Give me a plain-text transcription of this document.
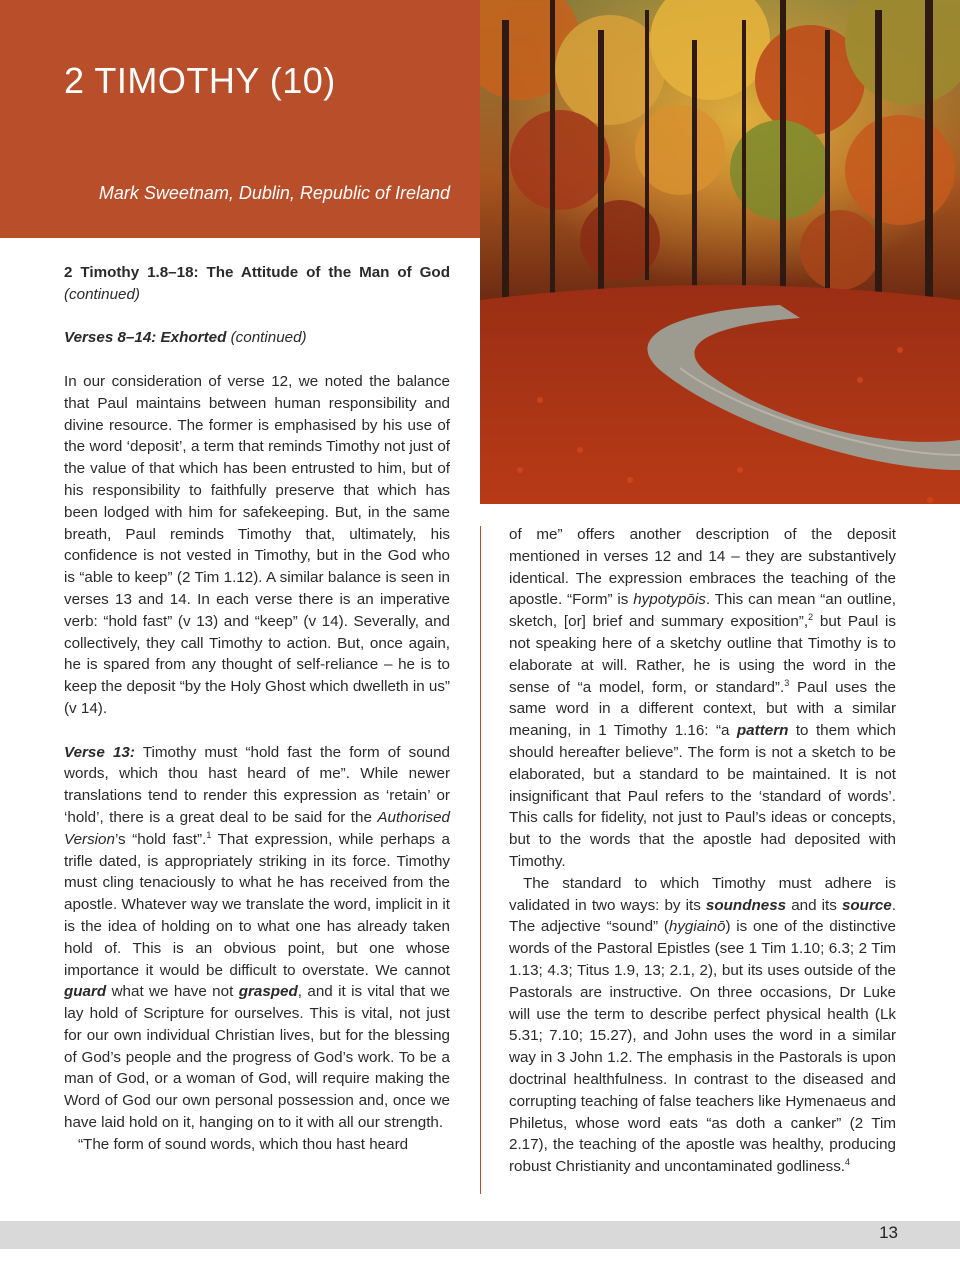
2 TIMOTHY (10)
Mark Sweetnam, Dublin, Republic of Ireland

2 Timothy 1.8–18: The Attitude of the Man of God (continued)

Verses 8–14: Exhorted (continued)

In our consideration of verse 12, we noted the balance that Paul maintains between human responsibility and divine resource. The former is emphasised by his use of the word ‘deposit’, a term that reminds Timothy not just of the value of that which has been entrusted to him, but of his responsibility to faithfully preserve that which has been lodged with him for safekeeping. But, in the same breath, Paul reminds Timothy that, ultimately, his confidence is not vested in Timothy, but in the God who is “able to keep” (2 Tim 1.12). A similar balance is seen in verses 13 and 14. In each verse there is an imperative verb: “hold fast” (v 13) and “keep” (v 14). Severally, and collectively, they call Timothy to action. But, once again, he is spared from any thought of self-reliance – he is to keep the deposit “by the Holy Ghost which dwelleth in us” (v 14).

Verse 13: Timothy must “hold fast the form of sound words, which thou hast heard of me”. While newer translations tend to render this expression as ‘retain’ or ‘hold’, there is a great deal to be said for the Authorised Version’s “hold fast”.$^1$ That expression, while perhaps a trifle dated, is appropriately striking in its force. Timothy must cling tenaciously to what he has received from the apostle. Whatever way we translate the word, implicit in it is the idea of holding on to what one has already taken hold of. This is an obvious point, but one whose importance it would be difficult to overstate. We cannot guard what we have not grasped, and it is vital that we lay hold of Scripture for ourselves. This is vital, not just for our own individual Christian lives, but for the blessing of God’s people and the progress of God’s work. To be a man of God, or a woman of God, will require making the Word of God our own personal possession and, once we have laid hold on it, hanging on to it with all our strength.

“The form of sound words, which thou hast heard

of me” offers another description of the deposit mentioned in verses 12 and 14 – they are substantively identical. The expression embraces the teaching of the apostle. “Form” is hypotypōis. This can mean “an outline, sketch, [or] brief and summary exposition”,$^2$ but Paul is not speaking here of a sketchy outline that Timothy is to elaborate at will. Rather, he is using the word in the sense of “a model, form, or standard”.$^3$ Paul uses the same word in a different context, but with a similar meaning, in 1 Timothy 1.16: “a pattern to them which should hereafter believe”. The form is not a sketch to be elaborated, but a standard to be maintained. It is not insignificant that Paul refers to the ‘standard of words’. This calls for fidelity, not just to Paul’s ideas or concepts, but to the words that the apostle had deposited with Timothy.

The standard to which Timothy must adhere is validated in two ways: by its soundness and its source. The adjective “sound” (hygiainō) is one of the distinctive words of the Pastoral Epistles (see 1 Tim 1.10; 6.3; 2 Tim 1.13; 4.3; Titus 1.9, 13; 2.1, 2), but its uses outside of the Pastorals are instructive. On three occasions, Dr Luke will use the term to describe perfect physical health (Lk 5.31; 7.10; 15.27), and John uses the word in a similar way in 3 John 1.2. The emphasis in the Pastorals is upon doctrinal healthfulness. In contrast to the diseased and corrupting teaching of false teachers like Hymenaeus and Philetus, whose word eats “as doth a canker” (2 Tim 2.17), the teaching of the apostle was healthy, producing robust Christianity and uncontaminated godliness.$^4$

13
